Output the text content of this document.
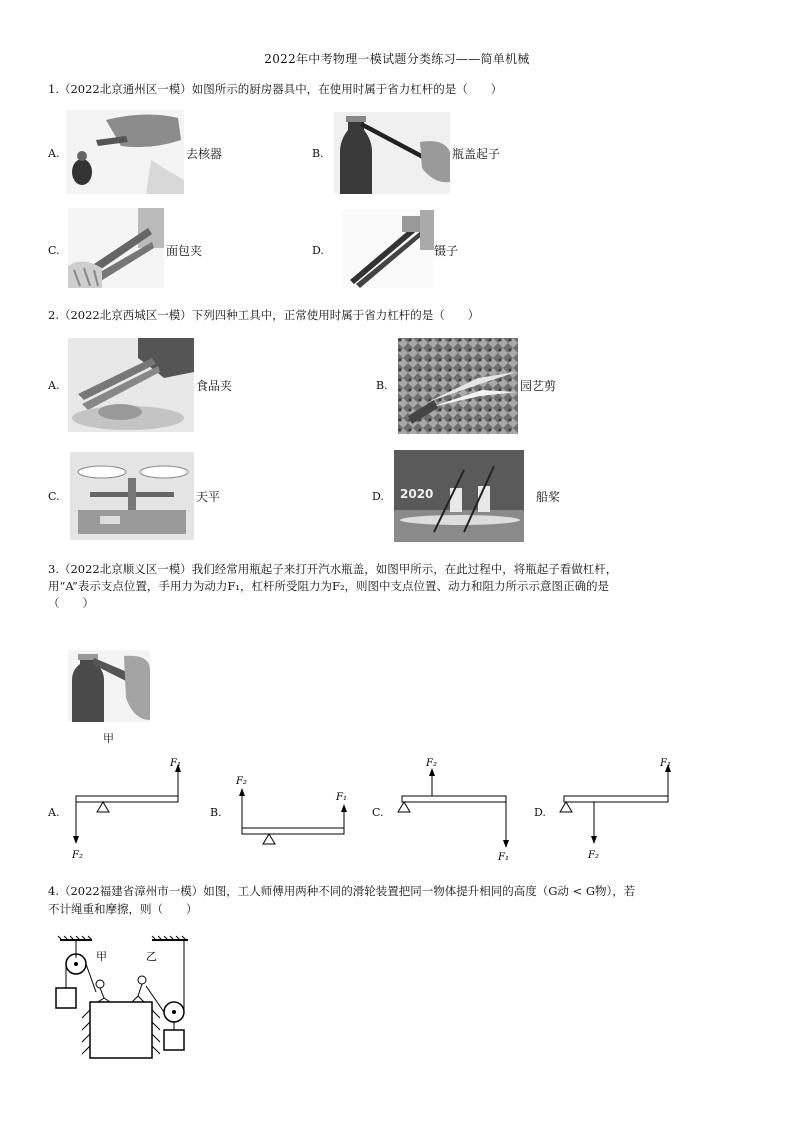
2022年中考物理一模试题分类练习——简单机械
1.（2022北京通州区一模）如图所示的厨房器具中，在使用时属于省力杠杆的是（　　）
A.	去核器	B.	瓶盖起子
C.	面包夹	D.	镊子
2.（2022北京西城区一模）下列四种工具中，正常使用时属于省力杠杆的是（　　）
A.	食品夹	B.	园艺剪
C.	天平	D. 2020	船桨
3.（2022北京顺义区一模）我们经常用瓶起子来打开汽水瓶盖，如图甲所示，在此过程中，将瓶起子看做杠杆，
用“A”表示支点位置，手用力为动力F₁，杠杆所受阻力为F₂，则图中支点位置、动力和阻力所示示意图正确的是
（　　）
甲
A.
F₁
F₂
B.
F₂
F₁
C.
F₂
F₁
D.
F₁
F₂
4.（2022福建省漳州市一模）如图，工人师傅用两种不同的滑轮装置把同一物体提升相同的高度（G动 < G物），若
不计绳重和摩擦，则（　　）
甲	乙
